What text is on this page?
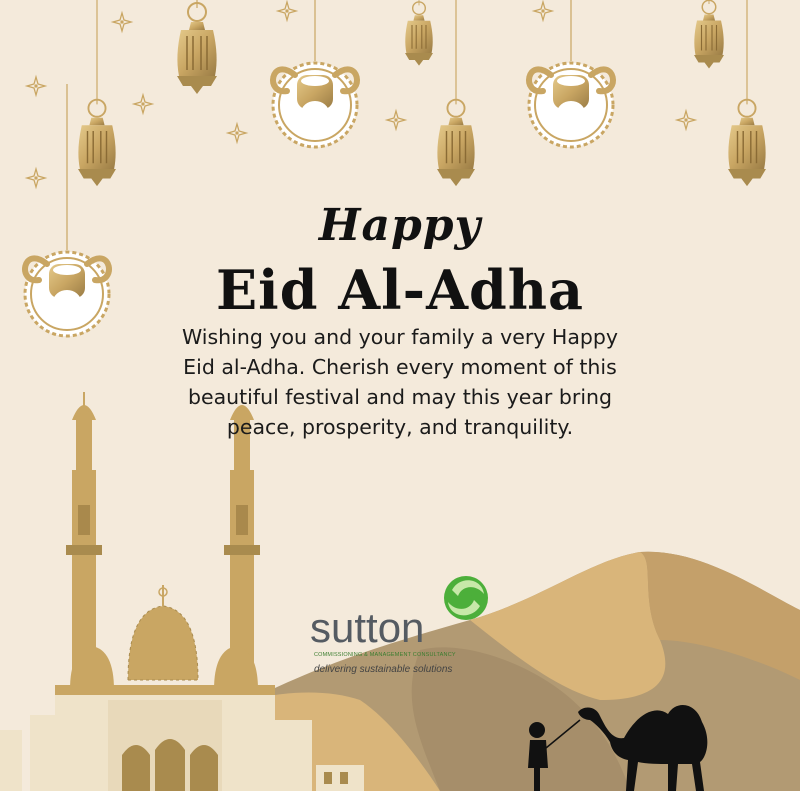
Happy
Eid Al-Adha
Wishing you and your family a very Happy Eid al-Adha. Cherish every moment of this beautiful festival and may this year bring peace, prosperity, and tranquility.
sutton
COMMISSIONING & MANAGEMENT CONSULTANCY
delivering sustainable solutions
